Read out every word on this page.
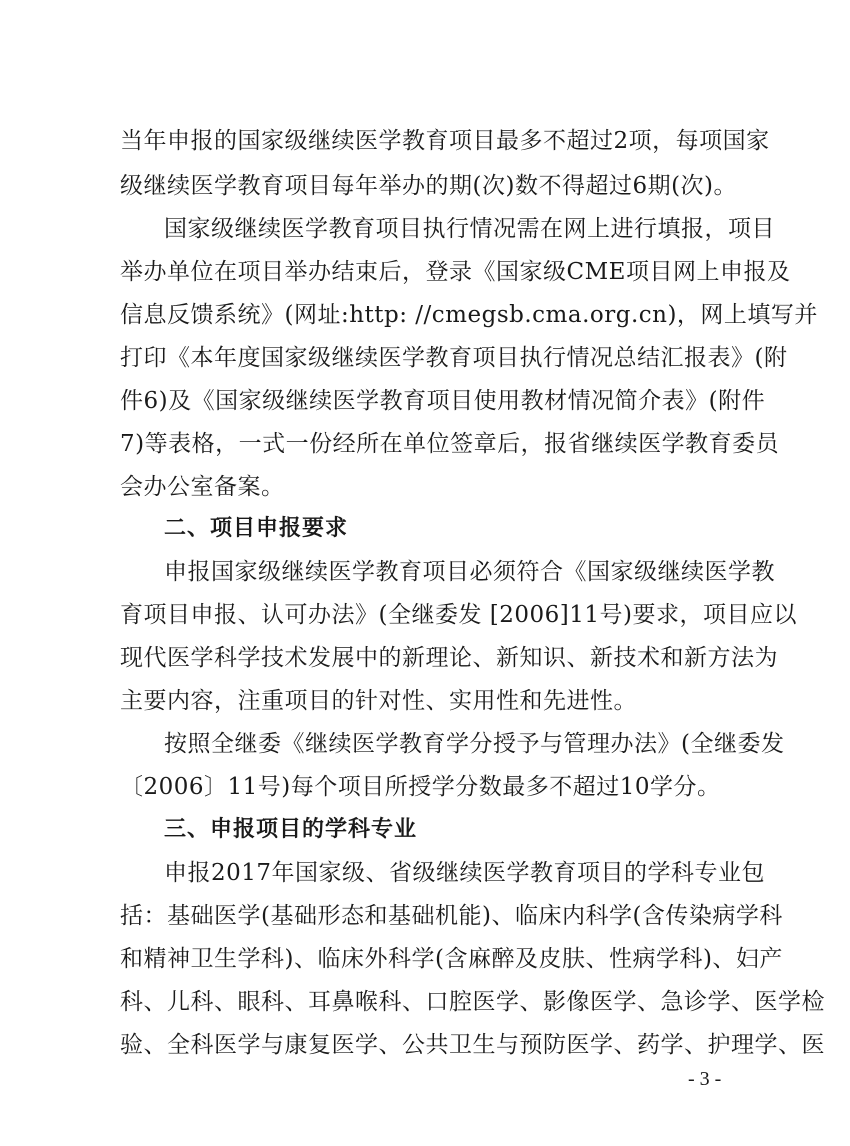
当年申报的国家级继续医学教育项目最多不超过2项，每项国家
级继续医学教育项目每年举办的期(次)数不得超过6期(次)。
国家级继续医学教育项目执行情况需在网上进行填报，项目
举办单位在项目举办结束后，登录《国家级CME项目网上申报及
信息反馈系统》(网址:http: //cmegsb.cma.org.cn)，网上填写并
打印《本年度国家级继续医学教育项目执行情况总结汇报表》(附
件6)及《国家级继续医学教育项目使用教材情况简介表》(附件
7)等表格，一式一份经所在单位签章后，报省继续医学教育委员
会办公室备案。
二、项目申报要求
申报国家级继续医学教育项目必须符合《国家级继续医学教
育项目申报、认可办法》(全继委发 [2006]11号)要求，项目应以
现代医学科学技术发展中的新理论、新知识、新技术和新方法为
主要内容，注重项目的针对性、实用性和先进性。
按照全继委《继续医学教育学分授予与管理办法》(全继委发
〔2006〕11号)每个项目所授学分数最多不超过10学分。
三、申报项目的学科专业
申报2017年国家级、省级继续医学教育项目的学科专业包
括：基础医学(基础形态和基础机能)、临床内科学(含传染病学科
和精神卫生学科)、临床外科学(含麻醉及皮肤、性病学科)、妇产
科、儿科、眼科、耳鼻喉科、口腔医学、影像医学、急诊学、医学检
验、全科医学与康复医学、公共卫生与预防医学、药学、护理学、医
- 3 -
